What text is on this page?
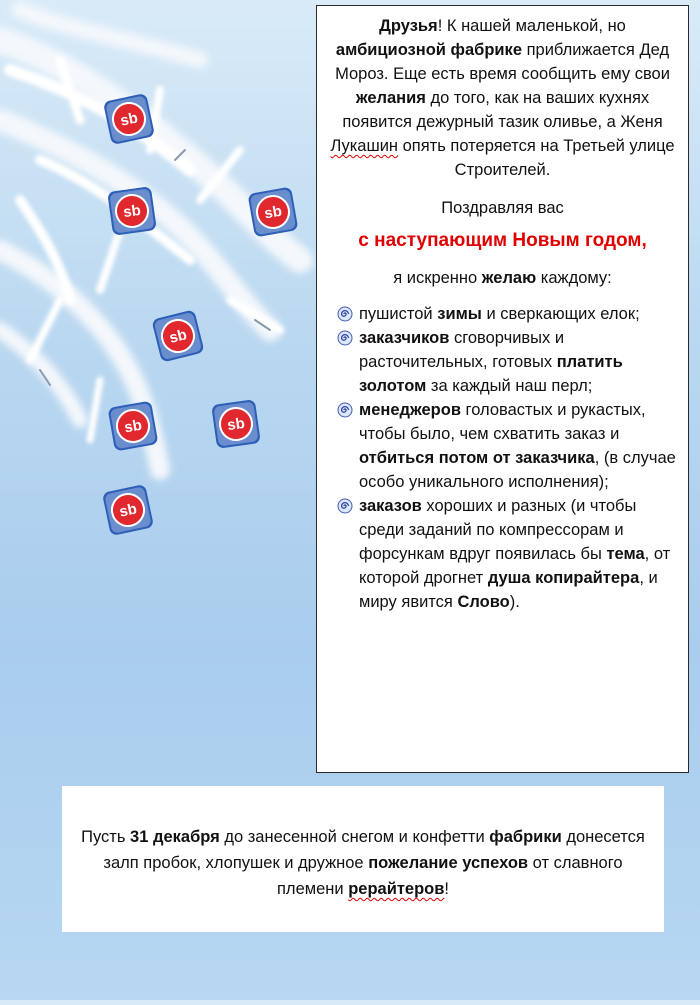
sb
sb	sb
sb
sb	sb
sb

Друзья! К нашей маленькой, но амбициозной фабрике приближается Дед Мороз. Еще есть время сообщить ему свои желания до того, как на ваших кухнях появится дежурный тазик оливье, а Женя Лукашин опять потеряется на Третьей улице Строителей.

Поздравляя вас

с наступающим Новым годом,

я искренно желаю каждому:

пушистой зимы и сверкающих елок;
заказчиков сговорчивых и расточительных, готовых платить золотом за каждый наш перл;
менеджеров головастых и рукастых, чтобы было, чем схватить заказ и отбиться потом от заказчика, (в случае особо уникального исполнения);
заказов хороших и разных (и чтобы среди заданий по компрессорам и форсункам вдруг появилась бы тема, от которой дрогнет душа копирайтера, и миру явится Слово).

Пусть 31 декабря до занесенной снегом и конфетти фабрики донесется залп пробок, хлопушек и дружное пожелание успехов от славного племени рерайтеров!
